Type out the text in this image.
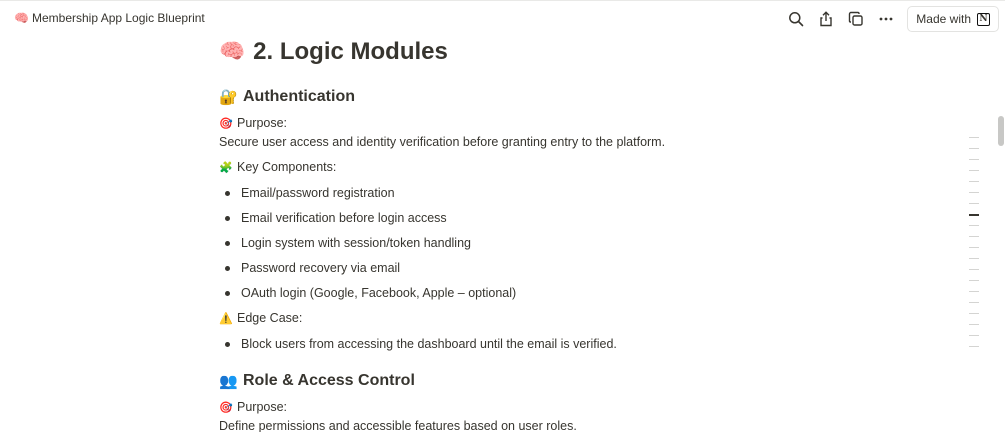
🧠 Membership App Logic Blueprint	Made with N
🧠 2. Logic Modules
🔐 Authentication
🎯 Purpose:
Secure user access and identity verification before granting entry to the platform.
🧩 Key Components:
Email/password registration
Email verification before login access
Login system with session/token handling
Password recovery via email
OAuth login (Google, Facebook, Apple – optional)
⚠️ Edge Case:
Block users from accessing the dashboard until the email is verified.
👥 Role & Access Control
🎯 Purpose:
Define permissions and accessible features based on user roles.
